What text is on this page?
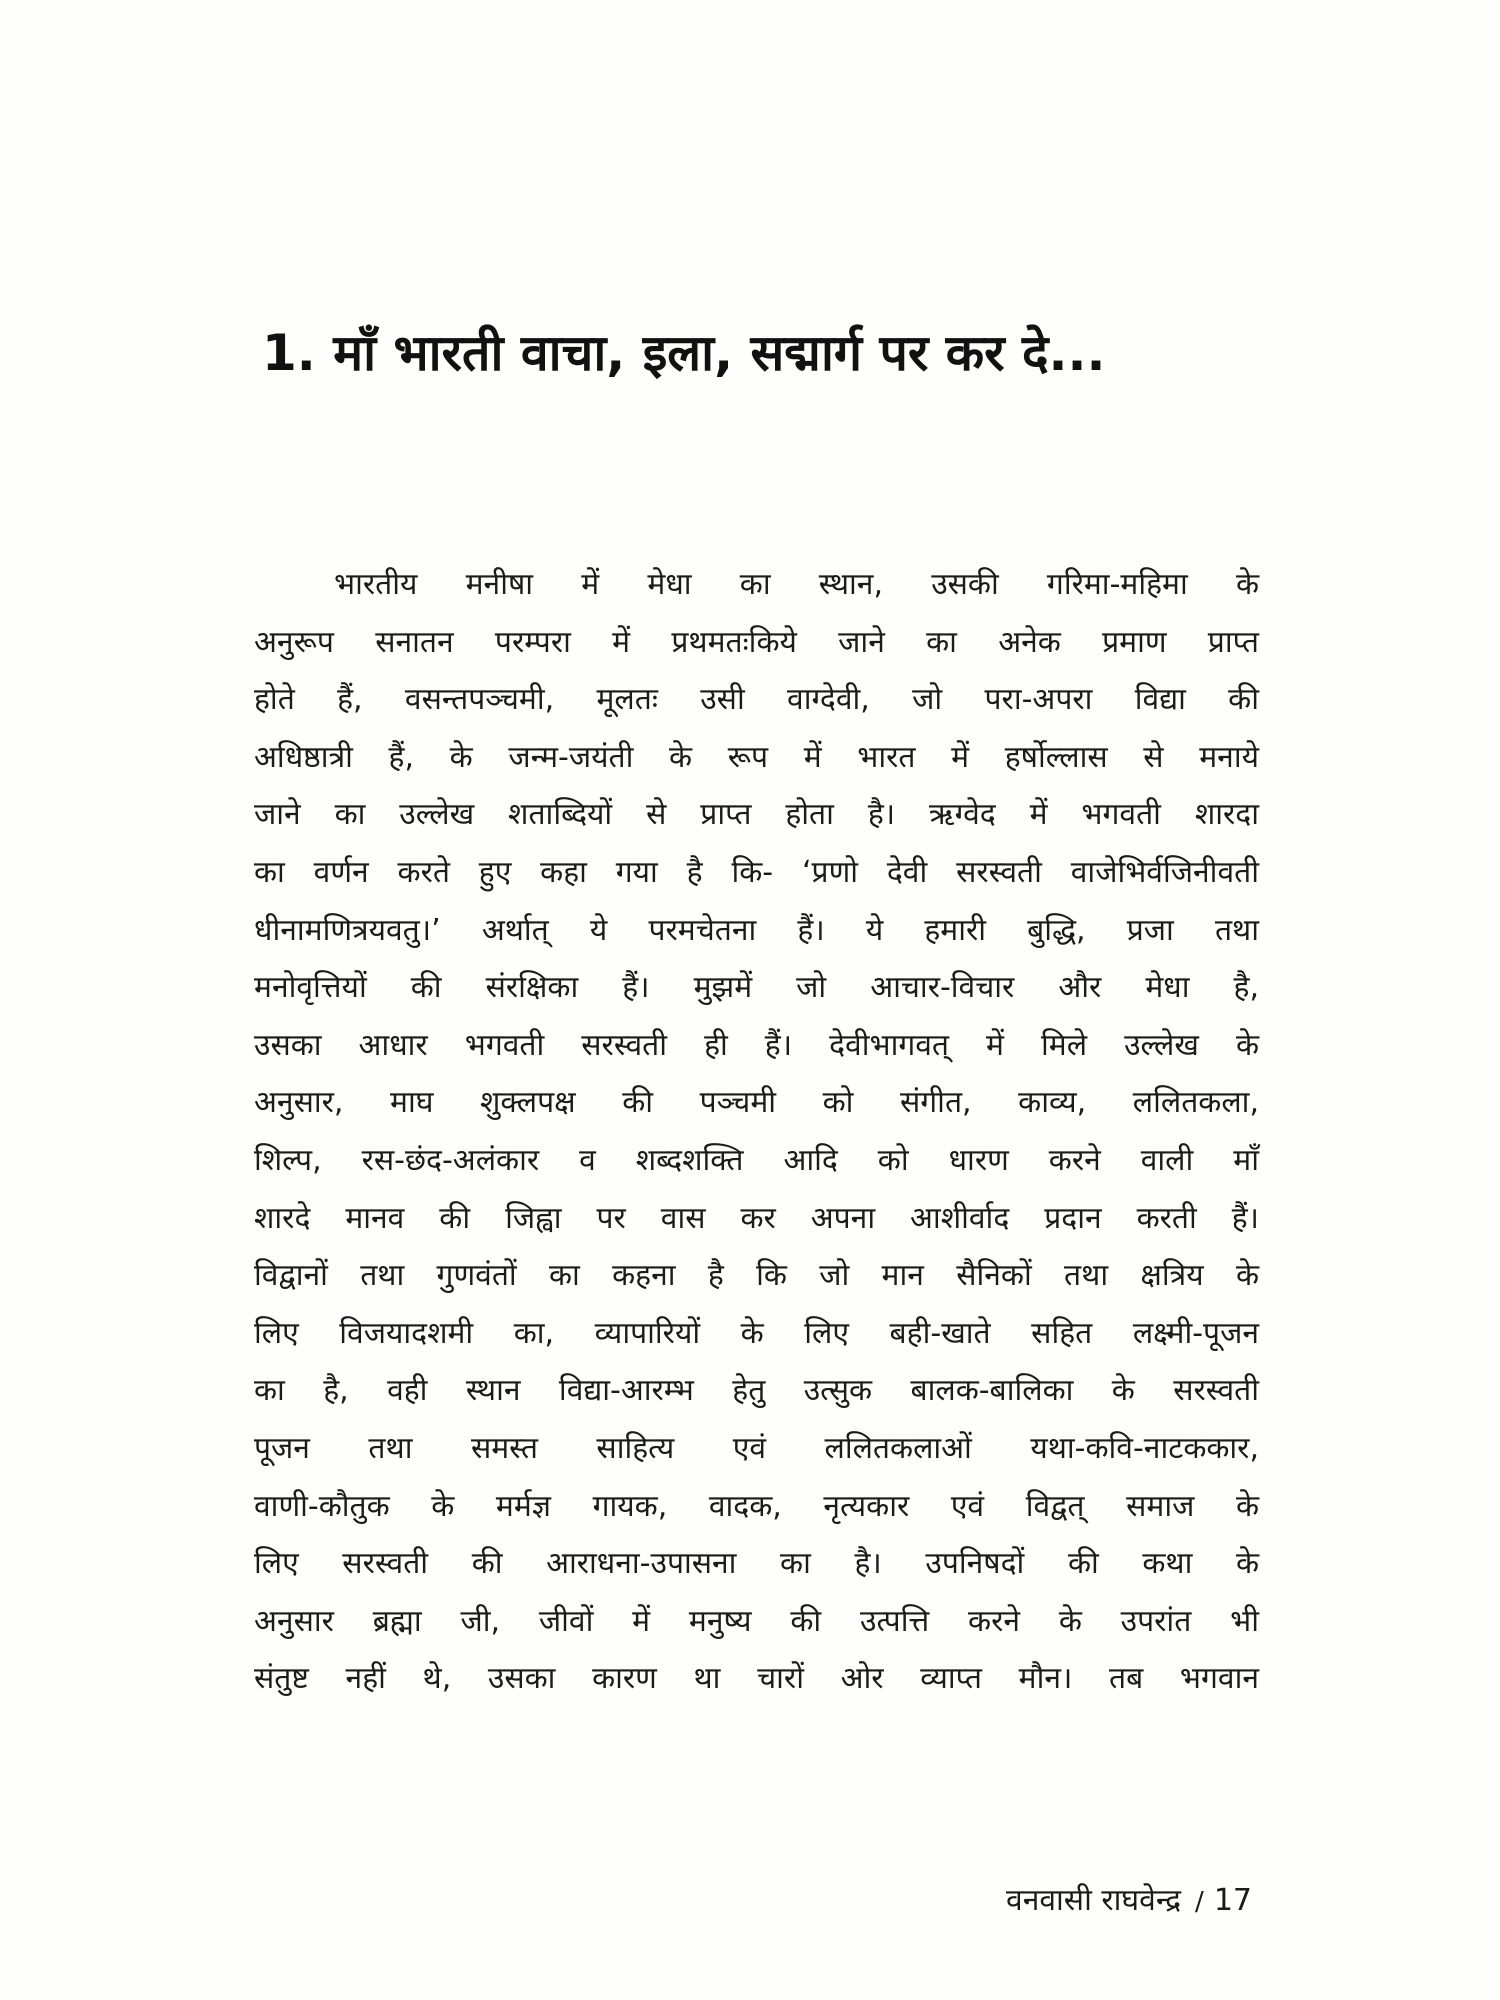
1. माँ भारती वाचा, इला, सद्मार्ग पर कर दे...
भारतीय मनीषा में मेधा का स्थान, उसकी गरिमा-महिमा के
अनुरूप सनातन परम्परा में प्रथमतःकिये जाने का अनेक प्रमाण प्राप्त
होते हैं, वसन्तपञ्चमी, मूलतः उसी वाग्देवी, जो परा-अपरा विद्या की
अधिष्ठात्री हैं, के जन्म-जयंती के रूप में भारत में हर्षोल्लास से मनाये
जाने का उल्लेख शताब्दियों से प्राप्त होता है। ऋग्वेद में भगवती शारदा
का वर्णन करते हुए कहा गया है कि- ‘प्रणो देवी सरस्वती वाजेभिर्वजिनीवती
धीनामणित्रयवतु।’ अर्थात् ये परमचेतना हैं। ये हमारी बुद्धि, प्रजा तथा
मनोवृत्तियों की संरक्षिका हैं। मुझमें जो आचार-विचार और मेधा है,
उसका आधार भगवती सरस्वती ही हैं। देवीभागवत् में मिले उल्लेख के
अनुसार, माघ शुक्लपक्ष की पञ्चमी को संगीत, काव्य, ललितकला,
शिल्प, रस-छंद-अलंकार व शब्दशक्ति आदि को धारण करने वाली माँ
शारदे मानव की जिह्वा पर वास कर अपना आशीर्वाद प्रदान करती हैं।
विद्वानों तथा गुणवंतों का कहना है कि जो मान सैनिकों तथा क्षत्रिय के
लिए विजयादशमी का, व्यापारियों के लिए बही-खाते सहित लक्ष्मी-पूजन
का है, वही स्थान विद्या-आरम्भ हेतु उत्सुक बालक-बालिका के सरस्वती
पूजन तथा समस्त साहित्य एवं ललितकलाओं यथा-कवि-नाटककार,
वाणी-कौतुक के मर्मज्ञ गायक, वादक, नृत्यकार एवं विद्वत् समाज के
लिए सरस्वती की आराधना-उपासना का है। उपनिषदों की कथा के
अनुसार ब्रह्मा जी, जीवों में मनुष्य की उत्पत्ति करने के उपरांत भी
संतुष्ट नहीं थे, उसका कारण था चारों ओर व्याप्त मौन। तब भगवान
वनवासी राघवेन्द्र / 17
